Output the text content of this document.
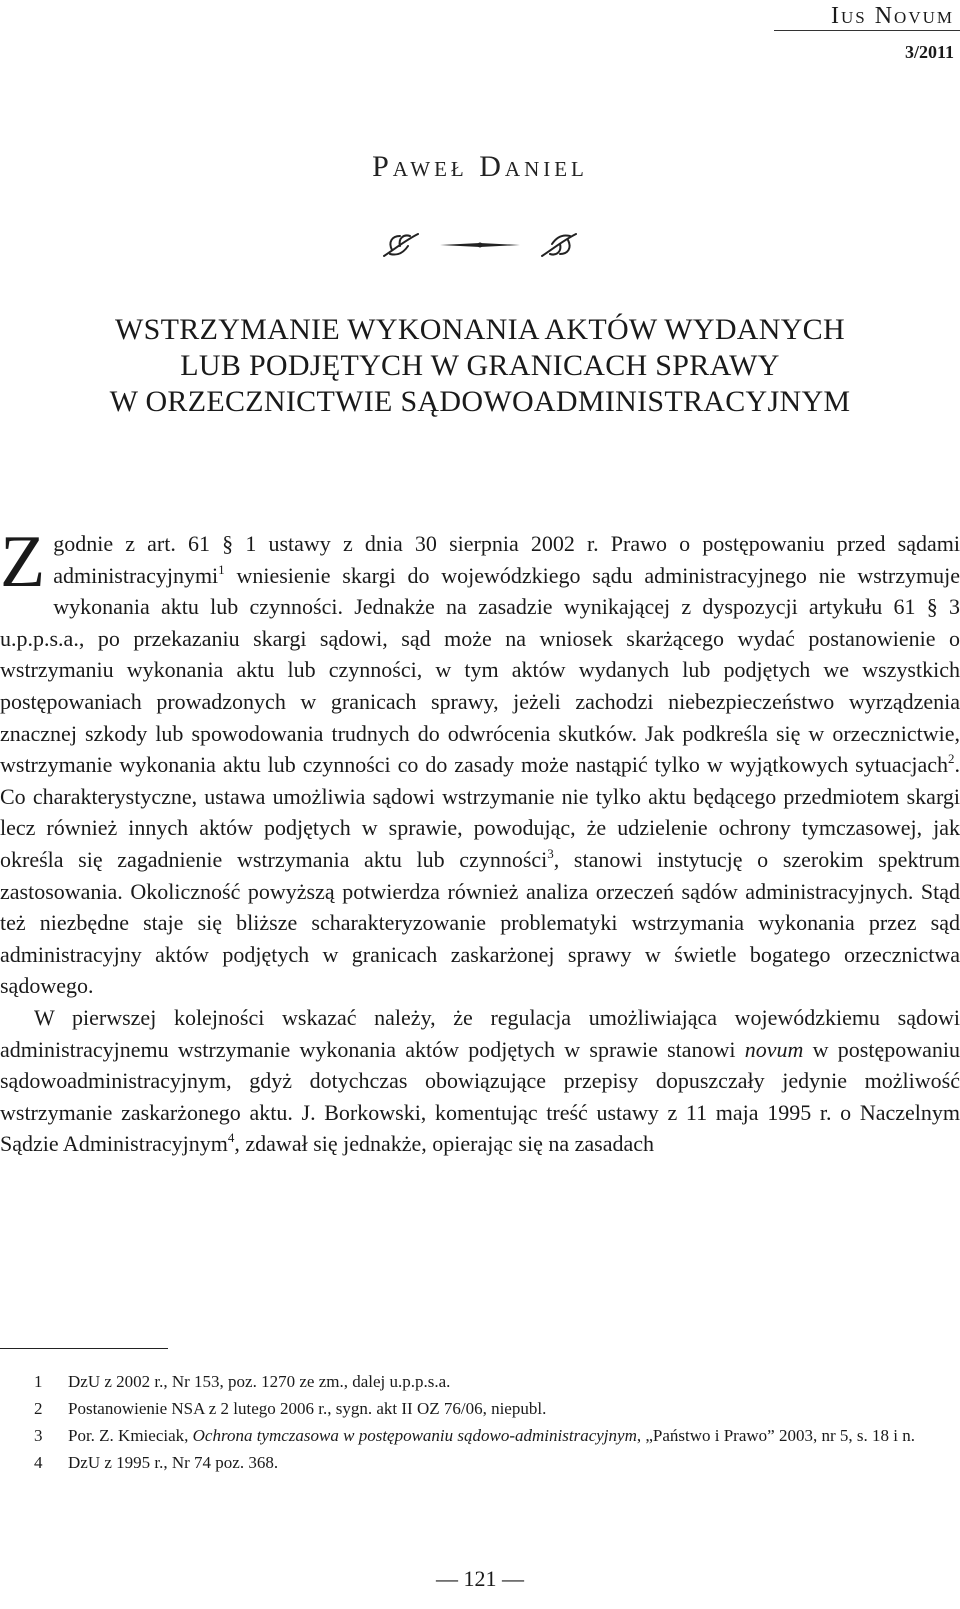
Ius Novum
3/2011
Paweł Daniel
WSTRZYMANIE WYKONANIA AKTÓW WYDANYCH
LUB PODJĘTYCH W GRANICACH SPRAWY
W ORZECZNICTWIE SĄDOWOADMINISTRACYJNYM

Zgodnie z art. 61 § 1 ustawy z dnia 30 sierpnia 2002 r. Prawo o postępowaniu przed sądami administracyjnymi$^1$ wniesienie skargi do wojewódzkiego sądu administracyjnego nie wstrzymuje wykonania aktu lub czynności. Jednakże na zasadzie wynikającej z dyspozycji artykułu 61 § 3 u.p.p.s.a., po przekazaniu skargi sądowi, sąd może na wniosek skarżącego wydać postanowienie o wstrzymaniu wykonania aktu lub czynności, w tym aktów wydanych lub podjętych we wszystkich postępowaniach prowadzonych w granicach sprawy, jeżeli zachodzi niebezpieczeństwo wyrządzenia znacznej szkody lub spowodowania trudnych do odwrócenia skutków. Jak podkreśla się w orzecznictwie, wstrzymanie wykonania aktu lub czynności co do zasady może nastąpić tylko w wyjątkowych sytuacjach$^2$. Co charakterystyczne, ustawa umożliwia sądowi wstrzymanie nie tylko aktu będącego przedmiotem skargi lecz również innych aktów podjętych w sprawie, powodując, że udzielenie ochrony tymczasowej, jak określa się zagadnienie wstrzymania aktu lub czynności$^3$, stanowi instytucję o szerokim spektrum zastosowania. Okoliczność powyższą potwierdza również analiza orzeczeń sądów administracyjnych. Stąd też niezbędne staje się bliższe scharakteryzowanie problematyki wstrzymania wykonania przez sąd administracyjny aktów podjętych w granicach zaskarżonej sprawy w świetle bogatego orzecznictwa sądowego.

W pierwszej kolejności wskazać należy, że regulacja umożliwiająca wojewódzkiemu sądowi administracyjnemu wstrzymanie wykonania aktów podjętych w sprawie stanowi novum w postępowaniu sądowoadministracyjnym, gdyż dotychczas obowiązujące przepisy dopuszczały jedynie możliwość wstrzymanie zaskarżonego aktu. J. Borkowski, komentując treść ustawy z 11 maja 1995 r. o Naczelnym Sądzie Administracyjnym$^4$, zdawał się jednakże, opierając się na zasadach

1 DzU z 2002 r., Nr 153, poz. 1270 ze zm., dalej u.p.p.s.a.
2 Postanowienie NSA z 2 lutego 2006 r., sygn. akt II OZ 76/06, niepubl.
3 Por. Z. Kmieciak, Ochrona tymczasowa w postępowaniu sądowo-administracyjnym, „Państwo i Prawo” 2003, nr 5, s. 18 i n.
4 DzU z 1995 r., Nr 74 poz. 368.
— 121 —
